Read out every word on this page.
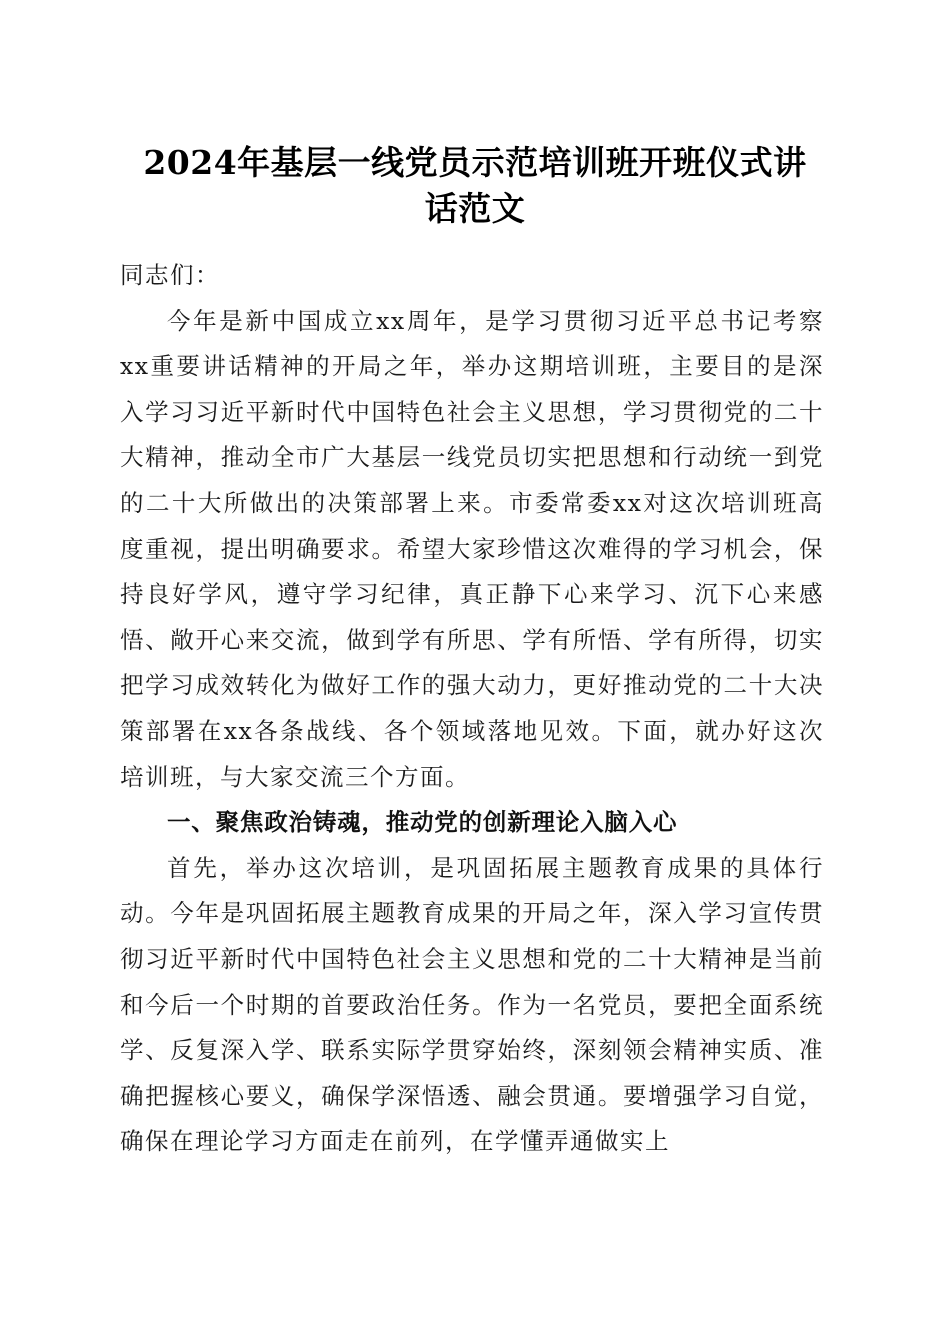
2024年基层一线党员示范培训班开班仪式讲
话范文

同志们：

今年是新中国成立xx周年，是学习贯彻习近平总书记考察xx重要讲话精神的开局之年，举办这期培训班，主要目的是深入学习习近平新时代中国特色社会主义思想，学习贯彻党的二十大精神，推动全市广大基层一线党员切实把思想和行动统一到党的二十大所做出的决策部署上来。市委常委xx对这次培训班高度重视，提出明确要求。希望大家珍惜这次难得的学习机会，保持良好学风，遵守学习纪律，真正静下心来学习、沉下心来感悟、敞开心来交流，做到学有所思、学有所悟、学有所得，切实把学习成效转化为做好工作的强大动力，更好推动党的二十大决策部署在xx各条战线、各个领域落地见效。下面，就办好这次培训班，与大家交流三个方面。

一、聚焦政治铸魂，推动党的创新理论入脑入心

首先，举办这次培训，是巩固拓展主题教育成果的具体行动。今年是巩固拓展主题教育成果的开局之年，深入学习宣传贯彻习近平新时代中国特色社会主义思想和党的二十大精神是当前和今后一个时期的首要政治任务。作为一名党员，要把全面系统学、反复深入学、联系实际学贯穿始终，深刻领会精神实质、准确把握核心要义，确保学深悟透、融会贯通。要增强学习自觉，确保在理论学习方面走在前列，在学懂弄通做实上
